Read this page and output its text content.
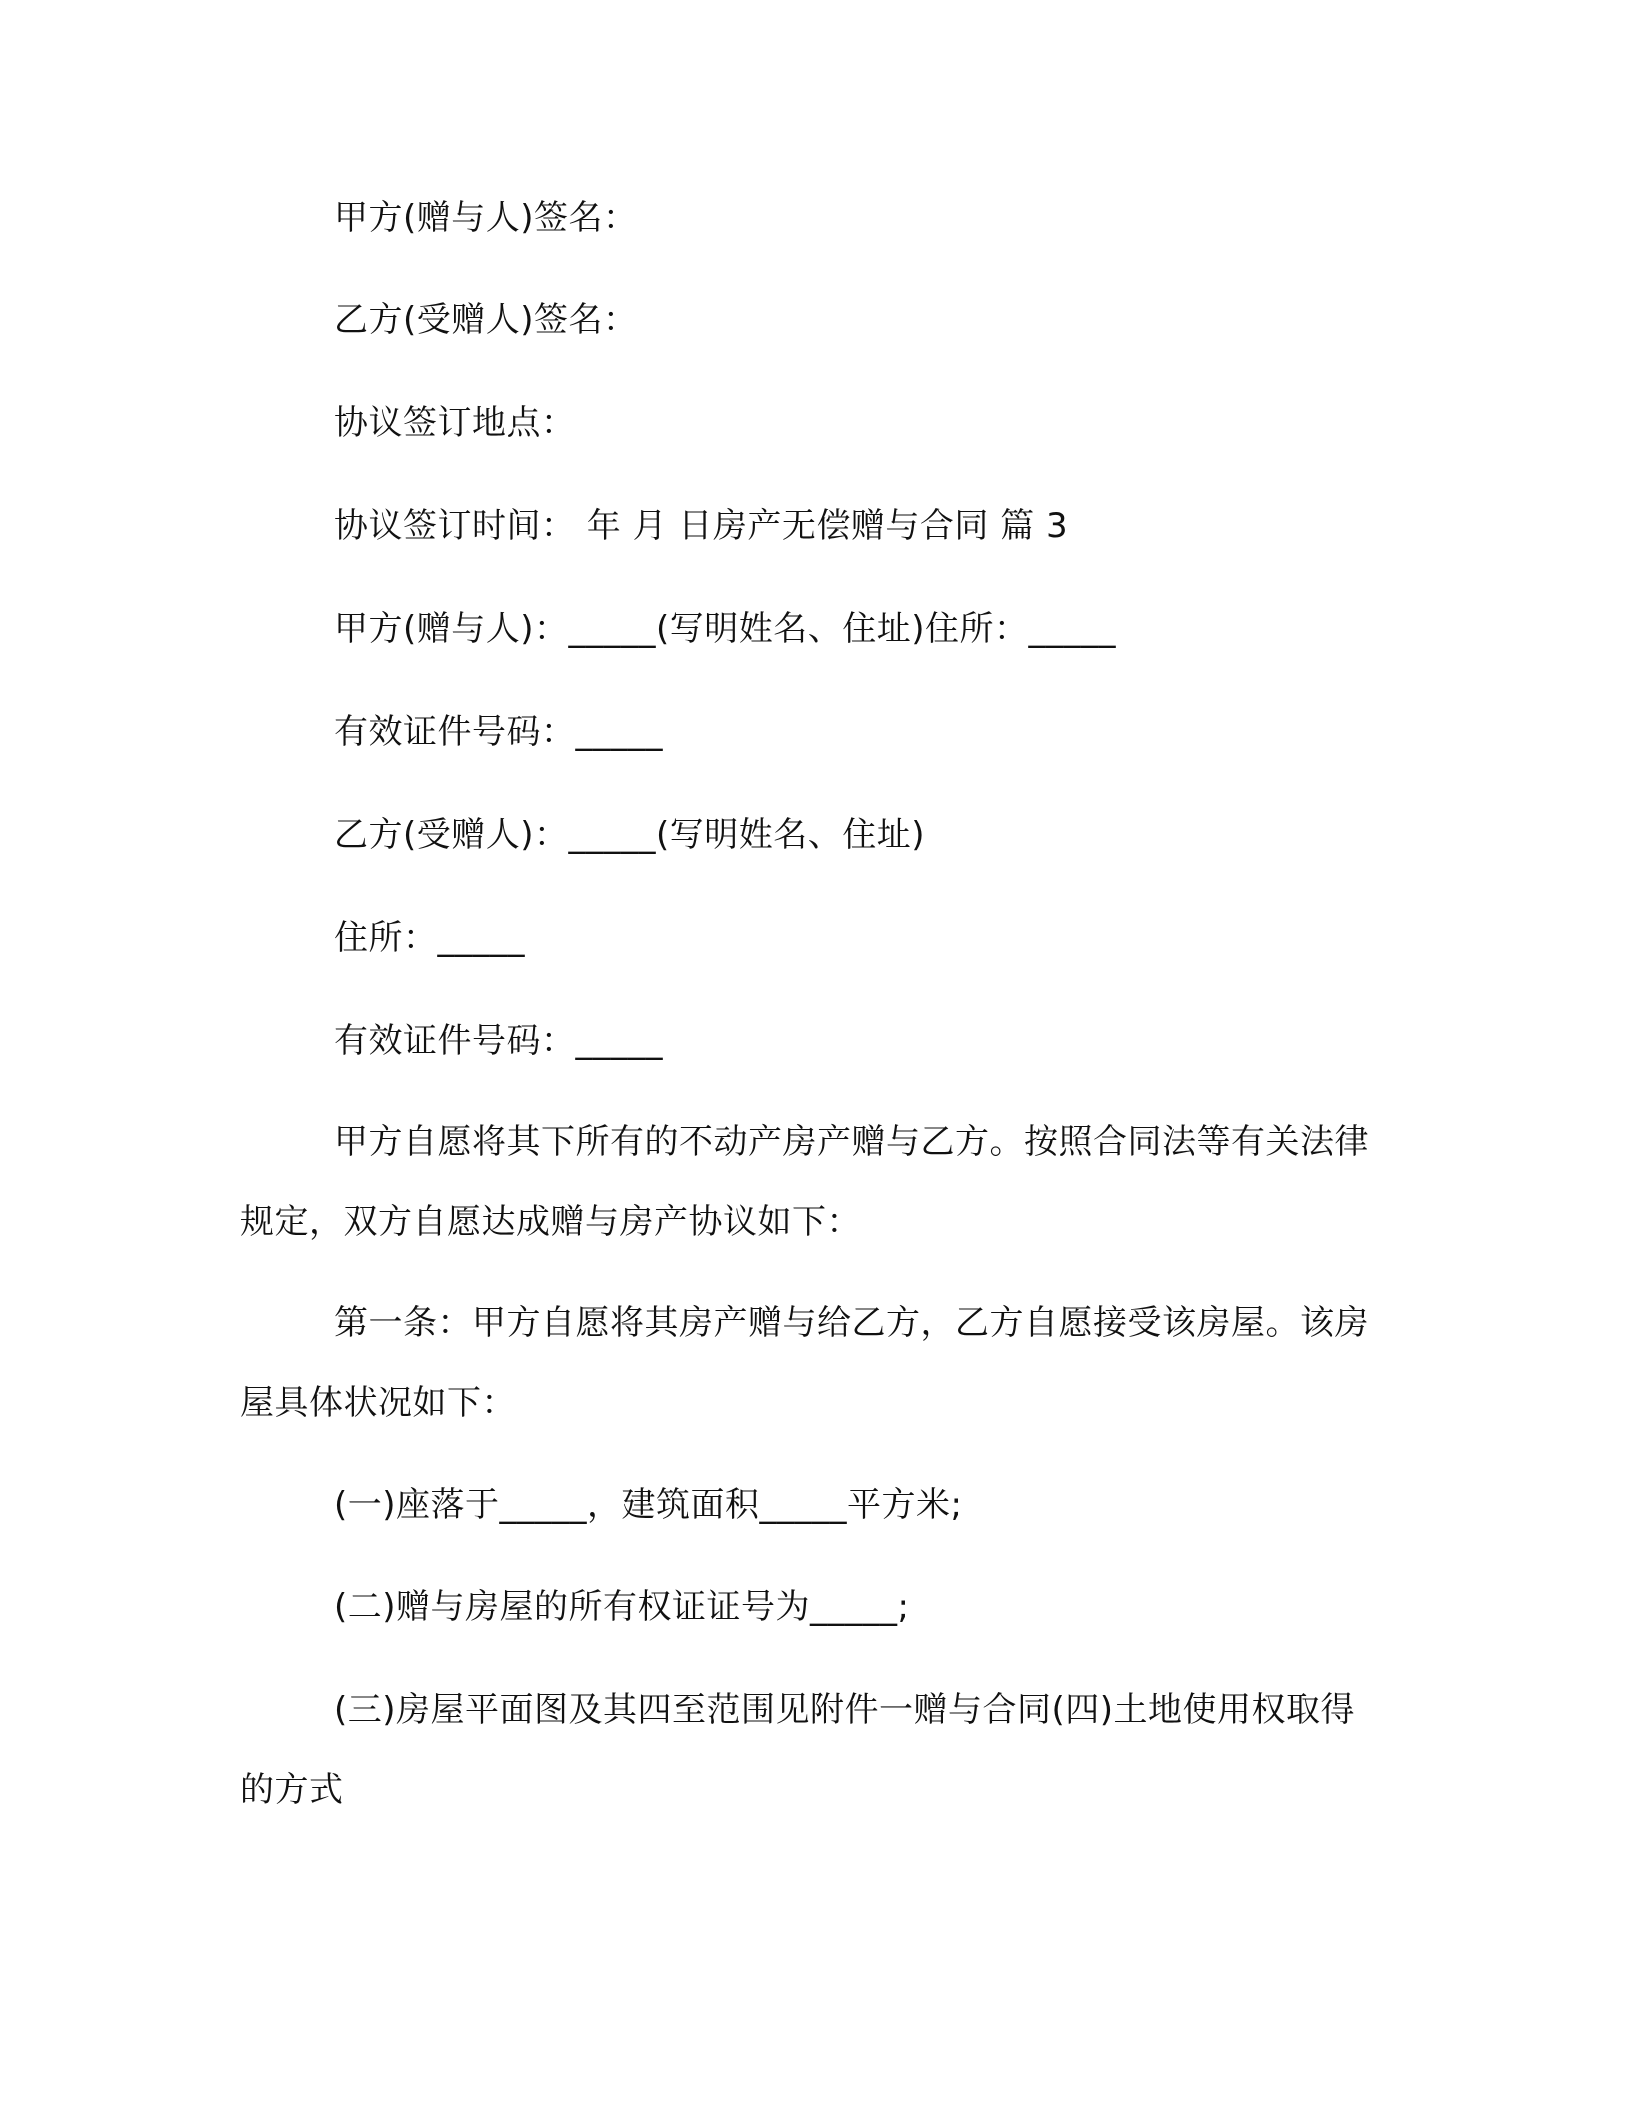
甲方(赠与人)签名：

乙方(受赠人)签名：

协议签订地点：

协议签订时间： 年 月 日房产无偿赠与合同 篇 3

甲方(赠与人)：_____(写明姓名、住址)住所：_____

有效证件号码：_____

乙方(受赠人)：_____(写明姓名、住址)

住所：_____

有效证件号码：_____

甲方自愿将其下所有的不动产房产赠与乙方。按照合同法等有关法律规定，双方自愿达成赠与房产协议如下：

第一条：甲方自愿将其房产赠与给乙方，乙方自愿接受该房屋。该房屋具体状况如下：

(一)座落于_____，建筑面积_____平方米;

(二)赠与房屋的所有权证证号为_____;

(三)房屋平面图及其四至范围见附件一赠与合同(四)土地使用权取得的方式
